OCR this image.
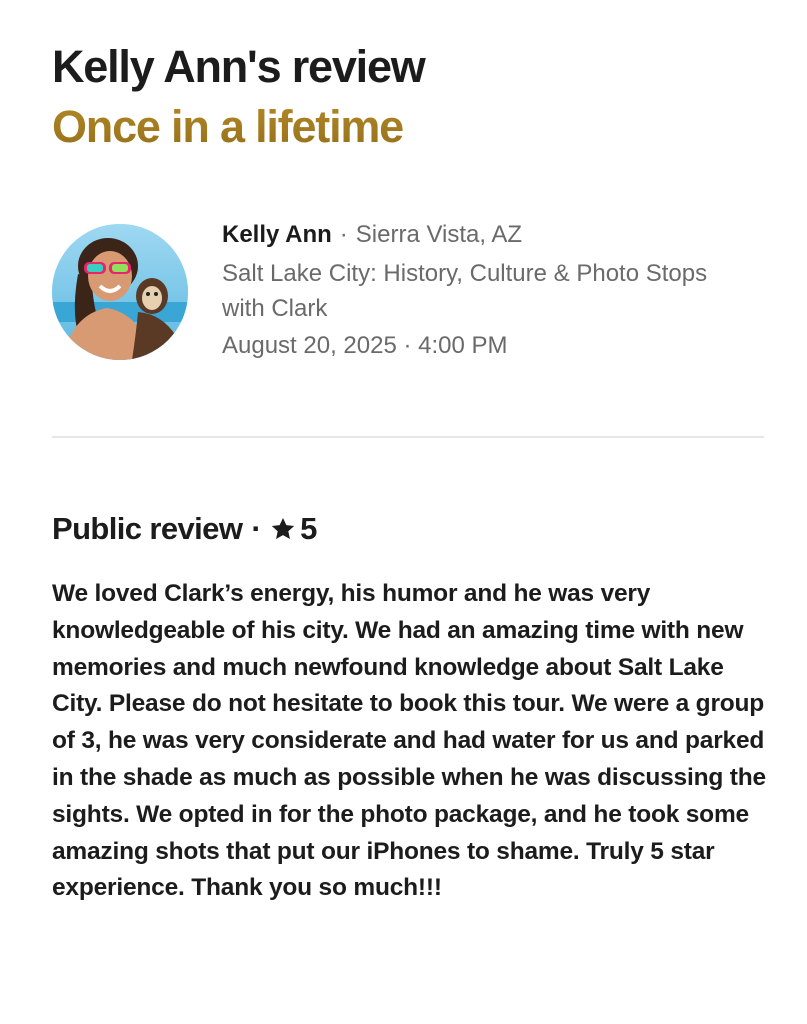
Kelly Ann's review
Once in a lifetime

Kelly Ann · Sierra Vista, AZ

Salt Lake City: History, Culture & Photo Stops with Clark

August 20, 2025 · 4:00 PM

Public review · 5

We loved Clark’s energy, his humor and he was very knowledgeable of his city. We had an amazing time with new memories and much newfound knowledge about Salt Lake City. Please do not hesitate to book this tour. We were a group of 3, he was very considerate and had water for us and parked in the shade as much as possible when he was discussing the sights. We opted in for the photo package, and he took some amazing shots that put our iPhones to shame. Truly 5 star experience. Thank you so much!!!
